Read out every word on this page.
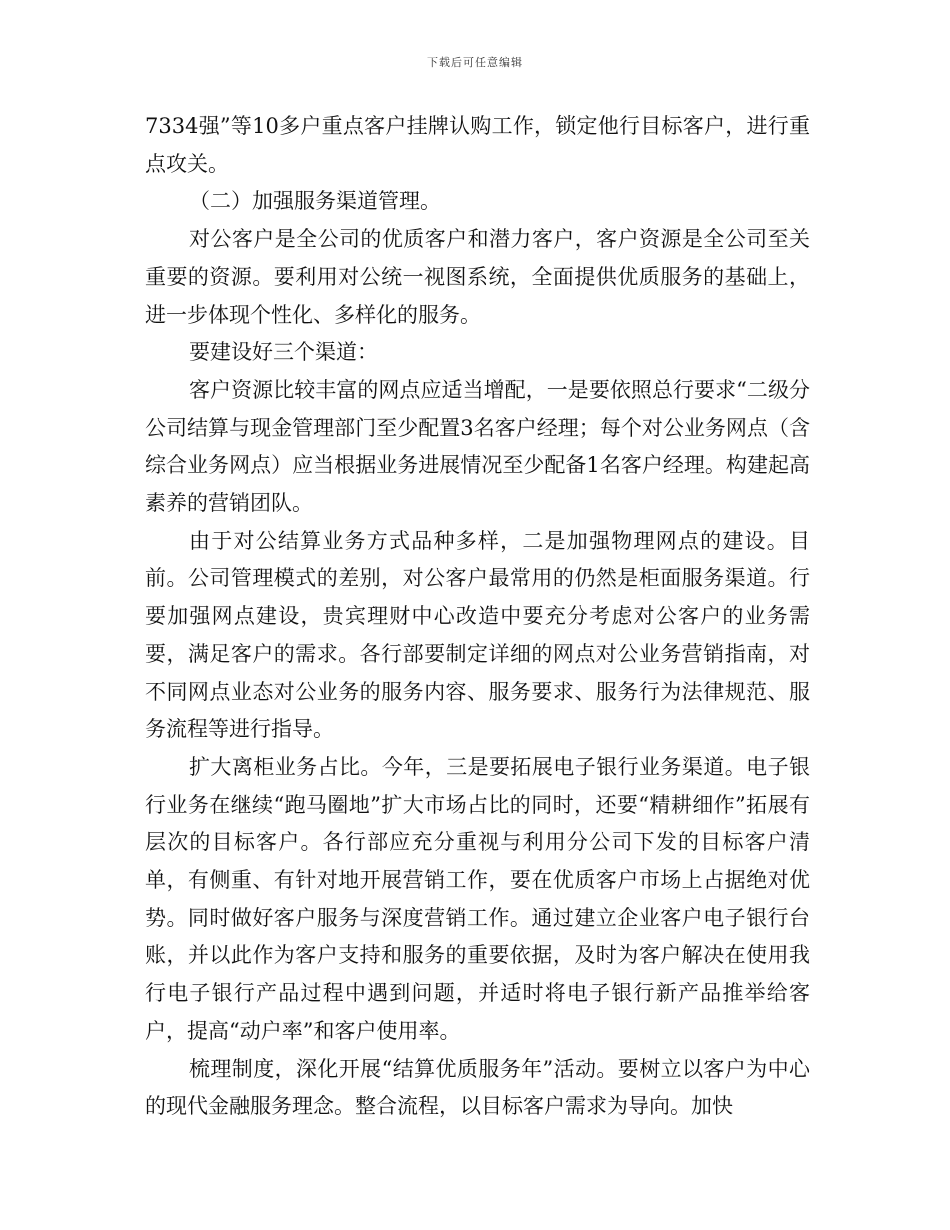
下载后可任意编辑

7334强”等10多户重点客户挂牌认购工作，锁定他行目标客户，进行重点攻关。

（二）加强服务渠道管理。

对公客户是全公司的优质客户和潜力客户，客户资源是全公司至关重要的资源。要利用对公统一视图系统，全面提供优质服务的基础上，进一步体现个性化、多样化的服务。

要建设好三个渠道：

客户资源比较丰富的网点应适当增配，一是要依照总行要求“二级分公司结算与现金管理部门至少配置3名客户经理；每个对公业务网点（含综合业务网点）应当根据业务进展情况至少配备1名客户经理。构建起高素养的营销团队。

由于对公结算业务方式品种多样，二是加强物理网点的建设。目前。公司管理模式的差别，对公客户最常用的仍然是柜面服务渠道。行要加强网点建设，贵宾理财中心改造中要充分考虑对公客户的业务需要，满足客户的需求。各行部要制定详细的网点对公业务营销指南，对不同网点业态对公业务的服务内容、服务要求、服务行为法律规范、服务流程等进行指导。

扩大离柜业务占比。今年，三是要拓展电子银行业务渠道。电子银行业务在继续“跑马圈地”扩大市场占比的同时，还要“精耕细作”拓展有层次的目标客户。各行部应充分重视与利用分公司下发的目标客户清单，有侧重、有针对地开展营销工作，要在优质客户市场上占据绝对优势。同时做好客户服务与深度营销工作。通过建立企业客户电子银行台账，并以此作为客户支持和服务的重要依据，及时为客户解决在使用我行电子银行产品过程中遇到问题，并适时将电子银行新产品推举给客户，提高“动户率”和客户使用率。

梳理制度，深化开展“结算优质服务年”活动。要树立以客户为中心的现代金融服务理念。整合流程，以目标客户需求为导向。加快
